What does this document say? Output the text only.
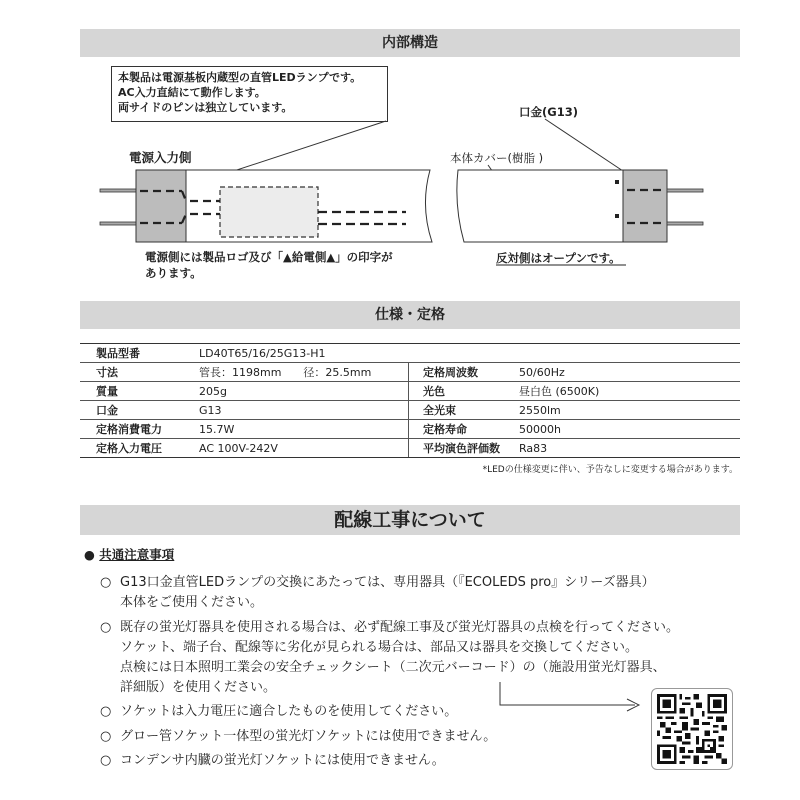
内部構造
本製品は電源基板内蔵型の直管LEDランプです。
AC入力直結にて動作します。
両サイドのピンは独立しています。	口金(G13)
電源入力側	本体カバー(樹脂 )
電源側には製品ロゴ及び「▲給電側▲」の印字が
あります。
反対側はオープンです。
仕様・定格
製品型番	LD40T65/16/25G13-H1		
寸法	管長：1198mm　　径：25.5mm	定格周波数	50/60Hz
質量	205g	光色	昼白色 (6500K)
口金	G13	全光束	2550lm
定格消費電力	15.7W	定格寿命	50000h
定格入力電圧	AC 100V-242V	平均演色評価数	Ra83
*LEDの仕様変更に伴い、予告なしに変更する場合があります。
配線工事について
● 共通注意事項
○ G13口金直管LEDランプの交換にあたっては、専用器具（『ECOLEDS pro』シリーズ器具）
本体をご使用ください。
○ 既存の蛍光灯器具を使用される場合は、必ず配線工事及び蛍光灯器具の点検を行ってください。
ソケット、端子台、配線等に劣化が見られる場合は、部品又は器具を交換してください。
点検には日本照明工業会の安全チェックシート（二次元バーコード）の（施設用蛍光灯器具、
詳細版）を使用ください。
○ ソケットは入力電圧に適合したものを使用してください。
○ グロー管ソケット一体型の蛍光灯ソケットには使用できません。
○ コンデンサ内臓の蛍光灯ソケットには使用できません。
